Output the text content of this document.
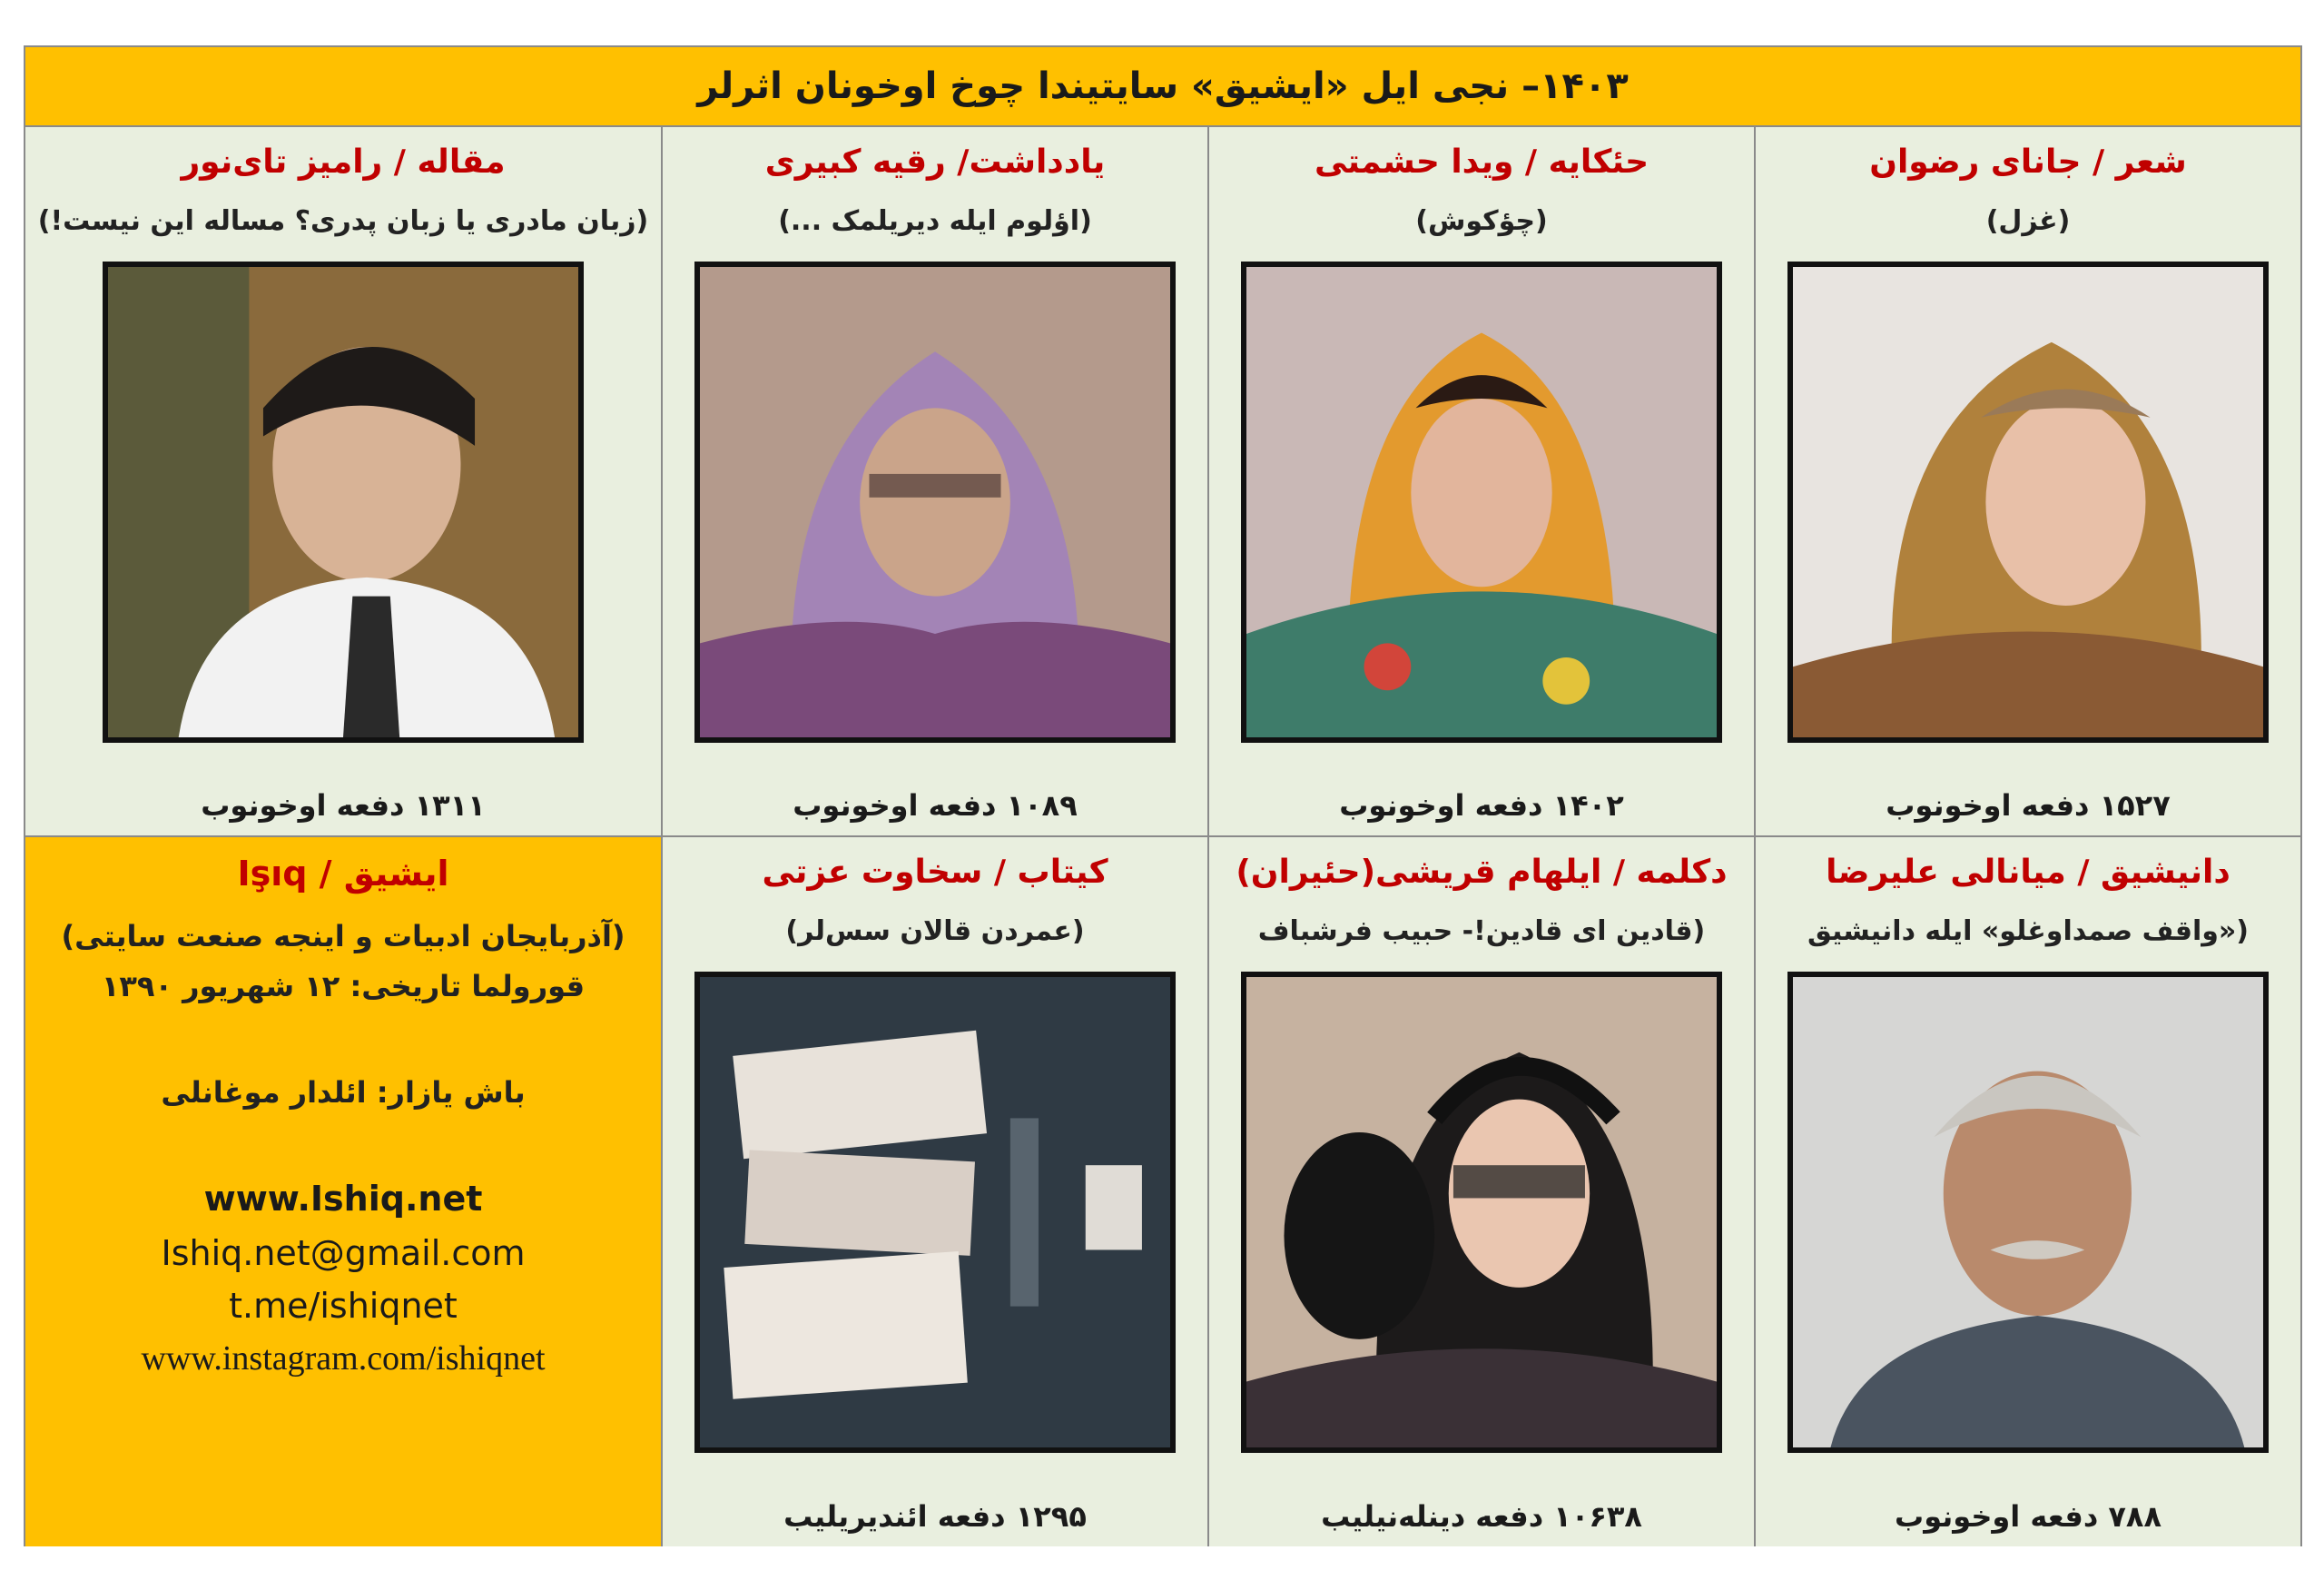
۱۴۰۳– نجی ایل «ایشیق» سایتیندا چوخ اوخونان اثرلر
مقاله / رامیز تای‌نور
(زبان مادری یا زبان پدری؟ مساله این نیست!)
۱۳۱۱ دفعه اوخونوب
یادداشت/ رقیه کبیری
(اؤلوم ایله دیریلمک ...)
۱۰۸۹ دفعه اوخونوب
حئکایه / ویدا حشمتی
(چؤکوش)
۱۴۰۲ دفعه اوخونوب
شعر / جانای رضوان
(غزل)
۱۵۲۷ دفعه اوخونوب
ایشیق / Işıq
(آذربایجان ادبیات و اینجه صنعت سایتی)
قورولما تاریخی: ۱۲ شهریور ۱۳۹۰
باش یازار: ائلدار موغانلی
www.Ishiq.net
Ishiq.net@gmail.com
t.me/ishiqnet
www.instagram.com/ishiqnet
کیتاب / سخاوت عزتی
(عمردن قالان سس‌لر)
۱۲۹۵ دفعه ائندیریلیب
دکلمه / ایلهام قریشی(حئیران)
(قادین ای قادین!- حبیب فرشباف
۱۰۶۳۸ دفعه دینله‌نیلیب
دانیشیق / میانالی علیرضا
(«واقف صمداوغلو» ایله دانیشیق
۷۸۸ دفعه اوخونوب
